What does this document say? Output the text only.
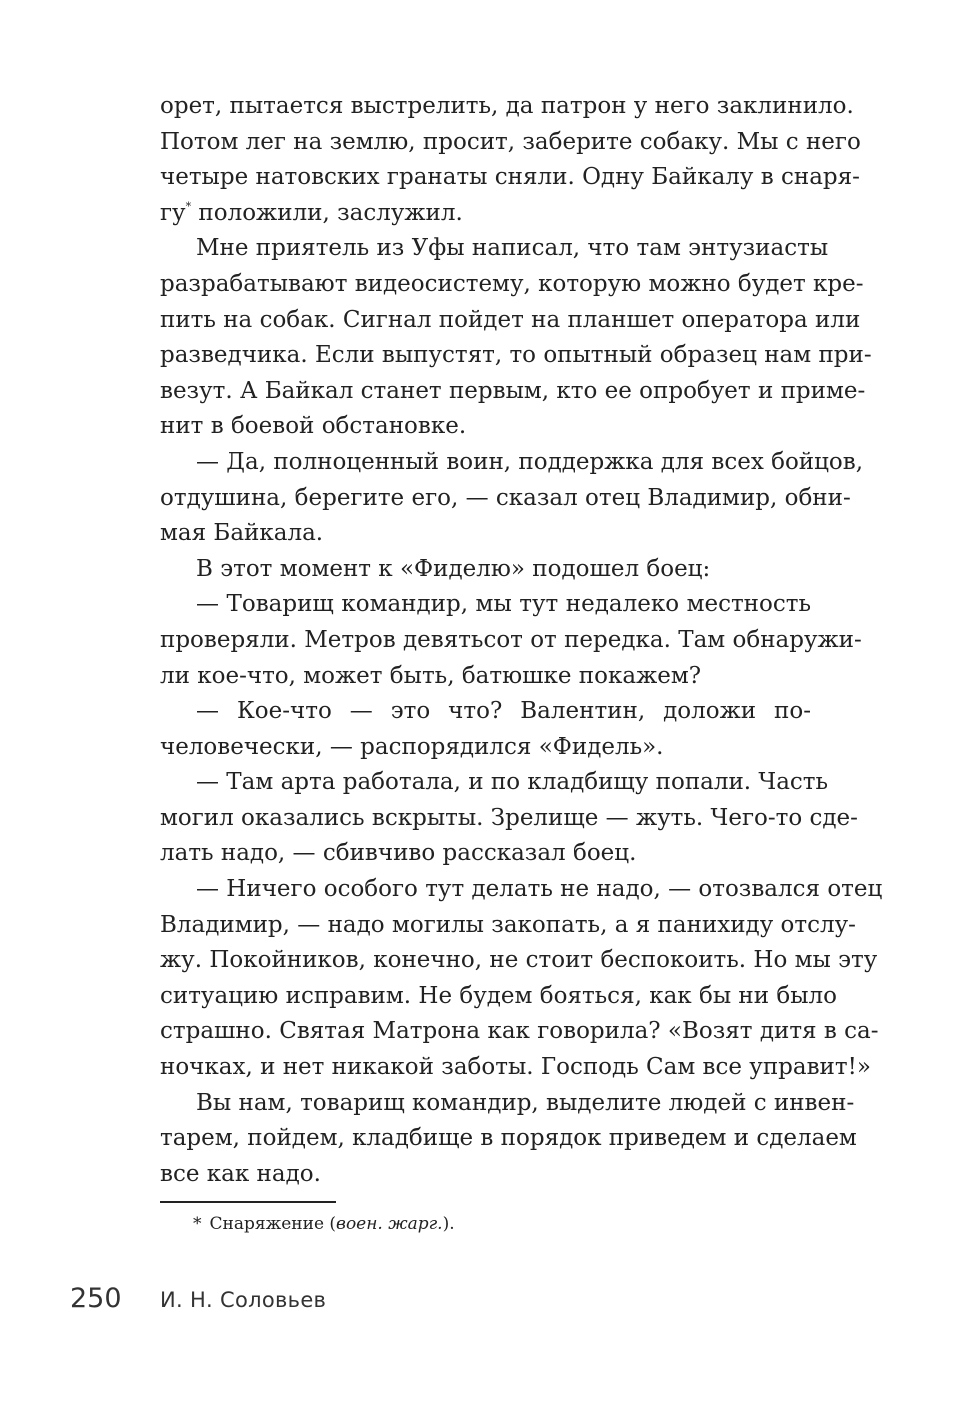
орет, пытается выстрелить, да патрон у него заклинило.
Потом лег на землю, просит, заберите собаку. Мы с него
четыре натовских гранаты сняли. Одну Байкалу в снаря-
гу* положили, заслужил.
Мне приятель из Уфы написал, что там энтузиасты
разрабатывают видеосистему, которую можно будет кре-
пить на собак. Сигнал пойдет на планшет оператора или
разведчика. Если выпустят, то опытный образец нам при-
везут. А Байкал станет первым, кто ее опробует и приме-
нит в боевой обстановке.
— Да, полноценный воин, поддержка для всех бойцов,
отдушина, берегите его, — сказал отец Владимир, обни-
мая Байкала.
В этот момент к «Фиделю» подошел боец:
— Товарищ командир, мы тут недалеко местность
проверяли. Метров девятьсот от передка. Там обнаружи-
ли кое-что, может быть, батюшке покажем?
— Кое-что — это что? Валентин, доложи по-
человечески, — распорядился «Фидель».
— Там арта работала, и по кладбищу попали. Часть
могил оказались вскрыты. Зрелище — жуть. Чего-то сде-
лать надо, — сбивчиво рассказал боец.
— Ничего особого тут делать не надо, — отозвался отец
Владимир, — надо могилы закопать, а я панихиду отслу-
жу. Покойников, конечно, не стоит беспокоить. Но мы эту
ситуацию исправим. Не будем бояться, как бы ни было
страшно. Святая Матрона как говорила? «Возят дитя в са-
ночках, и нет никакой заботы. Господь Сам все управит!»
Вы нам, товарищ командир, выделите людей с инвен-
тарем, пойдем, кладбище в порядок приведем и сделаем
все как надо.
* Снаряжение (воен. жарг.).
250 И. Н. Соловьев
